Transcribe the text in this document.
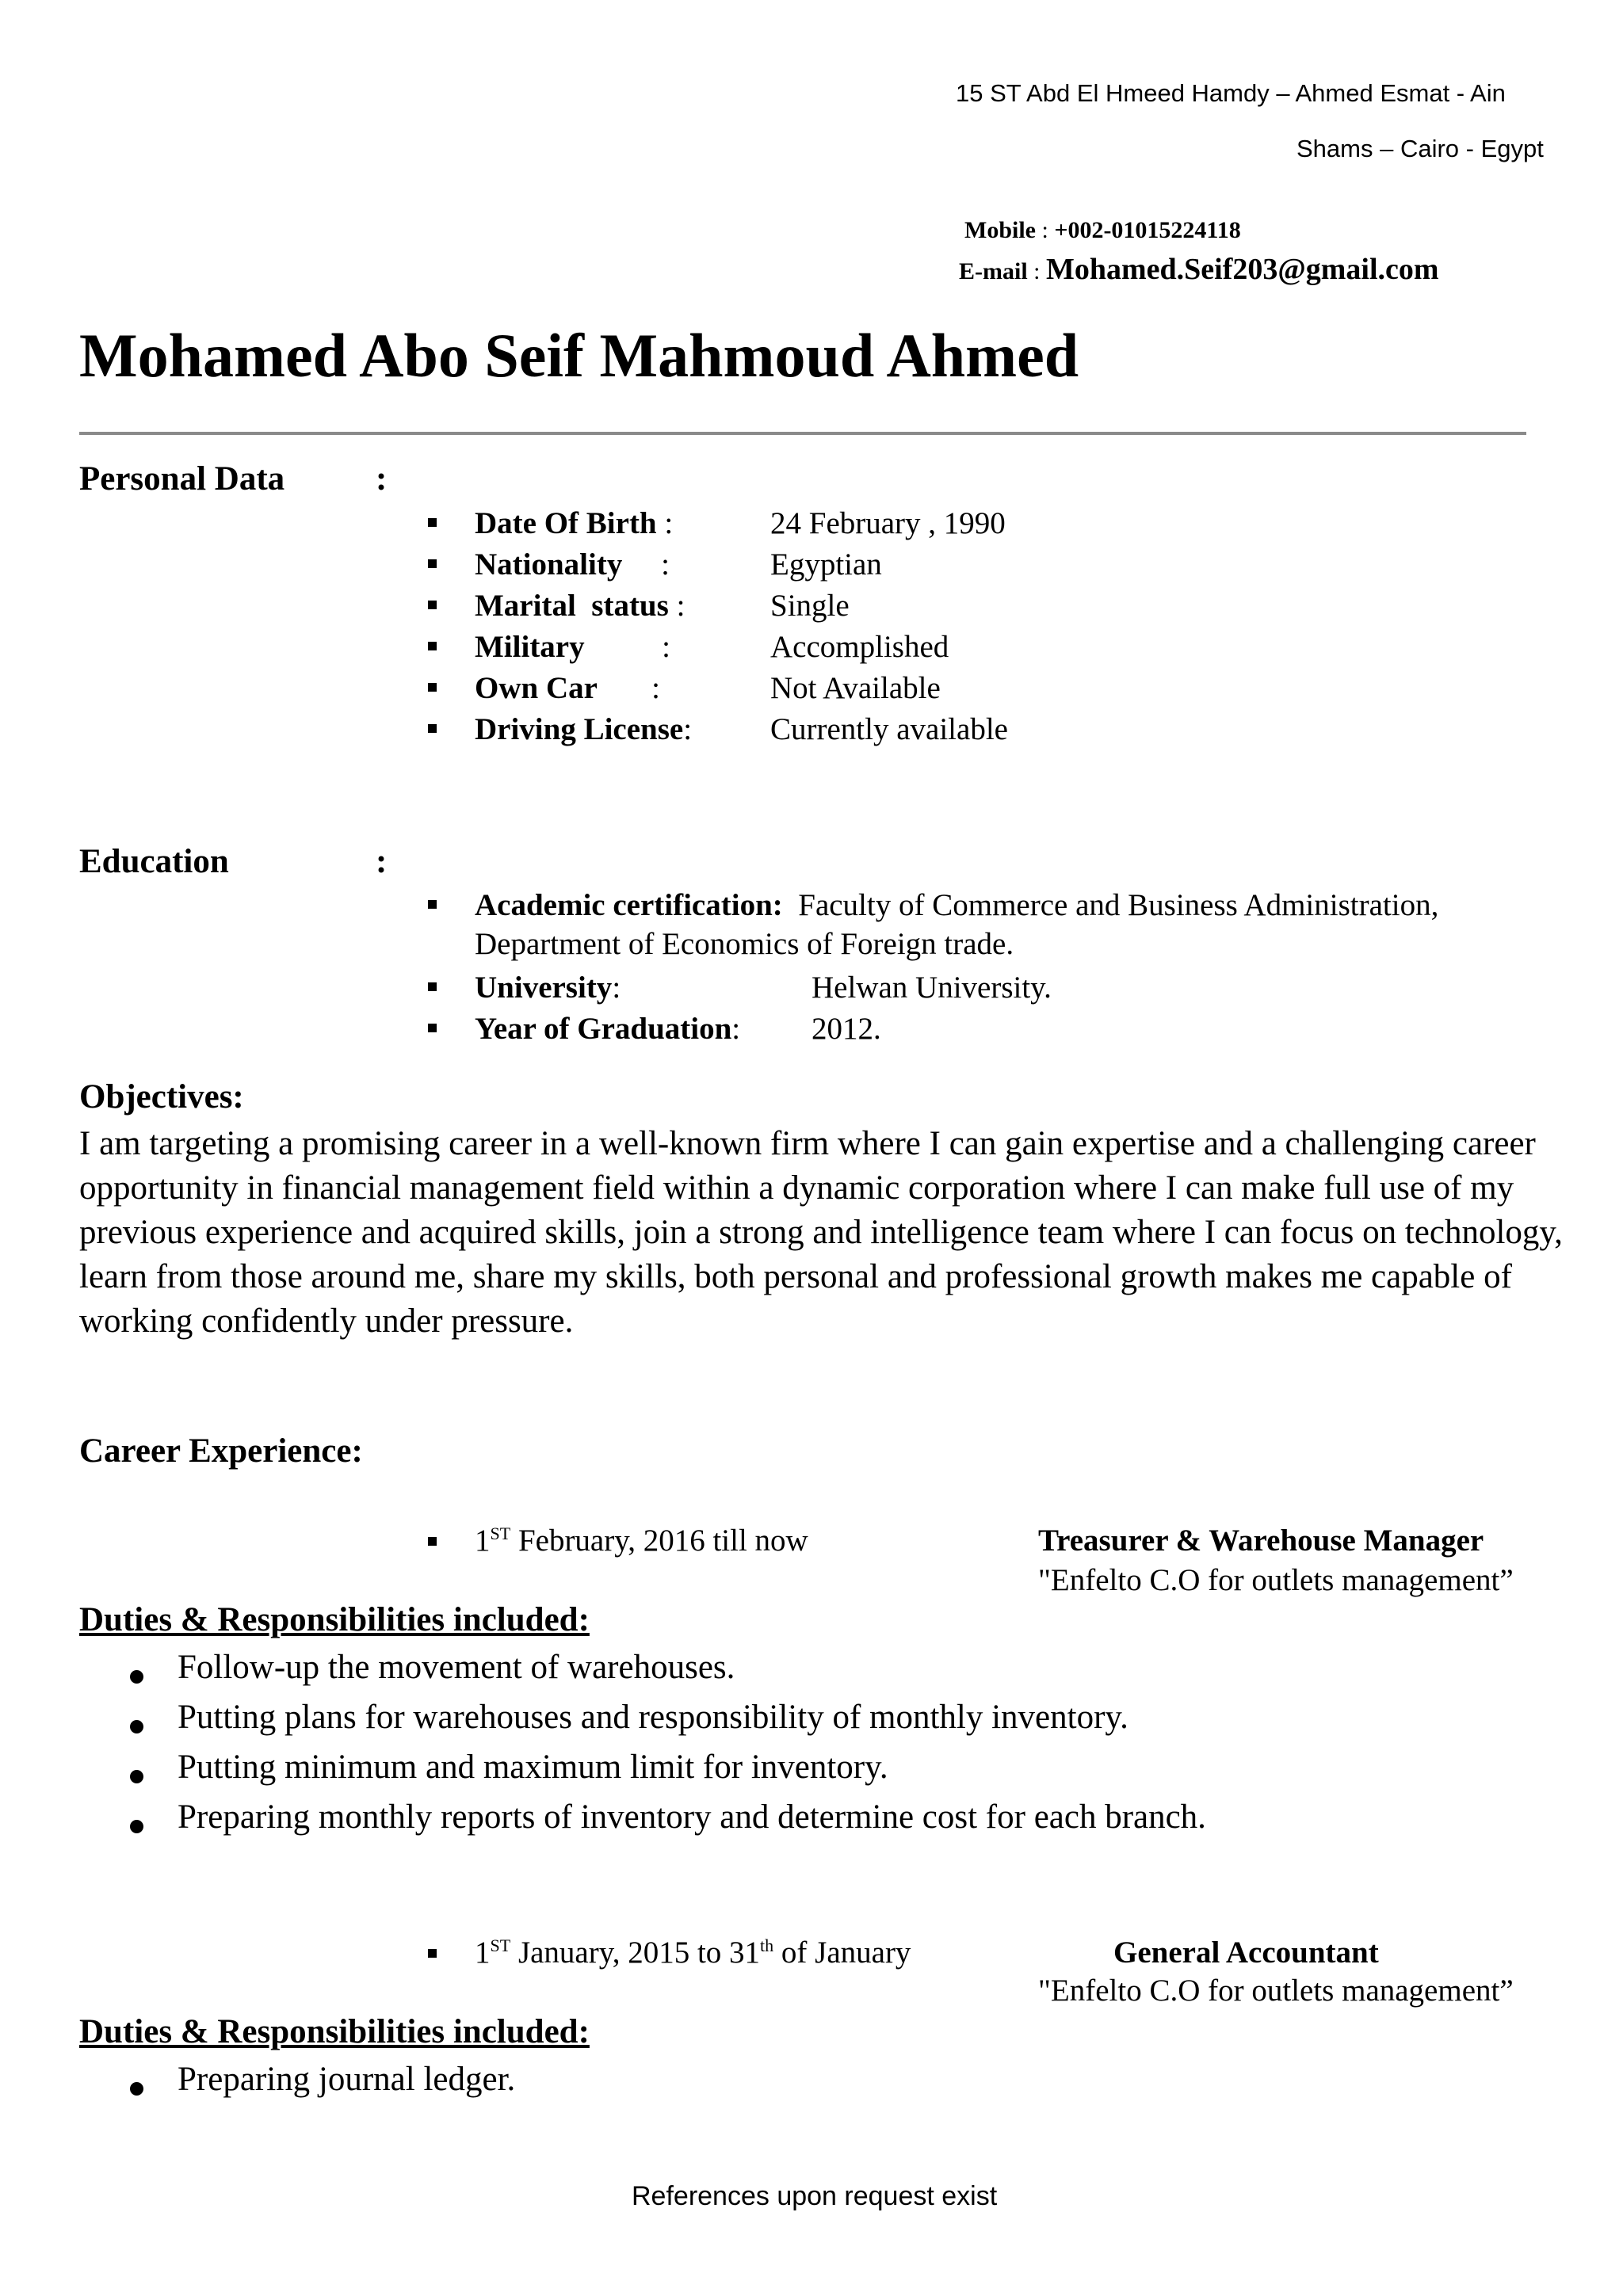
15 ST Abd El Hmeed Hamdy – Ahmed Esmat - Ain
Shams – Cairo - Egypt
Mobile : +002-01015224118
E-mail : Mohamed.Seif203@gmail.com
Mohamed Abo Seif Mahmoud Ahmed
Personal Data	:
Date Of Birth :	24 February , 1990
Nationality     :	Egyptian
Marital  status :	Single
Military          :	Accomplished
Own Car       :	Not Available
Driving License:	Currently available
Education	:
Academic certification: Faculty of Commerce and Business Administration,
Department of Economics of Foreign trade.
University:	Helwan University.
Year of Graduation: 2012.
Objectives:
I am targeting a promising career in a well-known firm where I can gain expertise and a challenging career opportunity in financial management field within a dynamic corporation where I can make full use of my previous experience and acquired skills, join a strong and intelligence team where I can focus on technology, learn from those around me, share my skills, both personal and professional growth makes me capable of working confidently under pressure.
Career Experience:
1ST February, 2016 till now	Treasurer & Warehouse Manager
"Enfelto C.O for outlets management”
Duties & Responsibilities included:
Follow-up the movement of warehouses.
Putting plans for warehouses and responsibility of monthly inventory.
Putting minimum and maximum limit for inventory.
Preparing monthly reports of inventory and determine cost for each branch.
1ST January, 2015 to 31th of January	General Accountant
"Enfelto C.O for outlets management”
Duties & Responsibilities included:
Preparing journal ledger.
References upon request exist
